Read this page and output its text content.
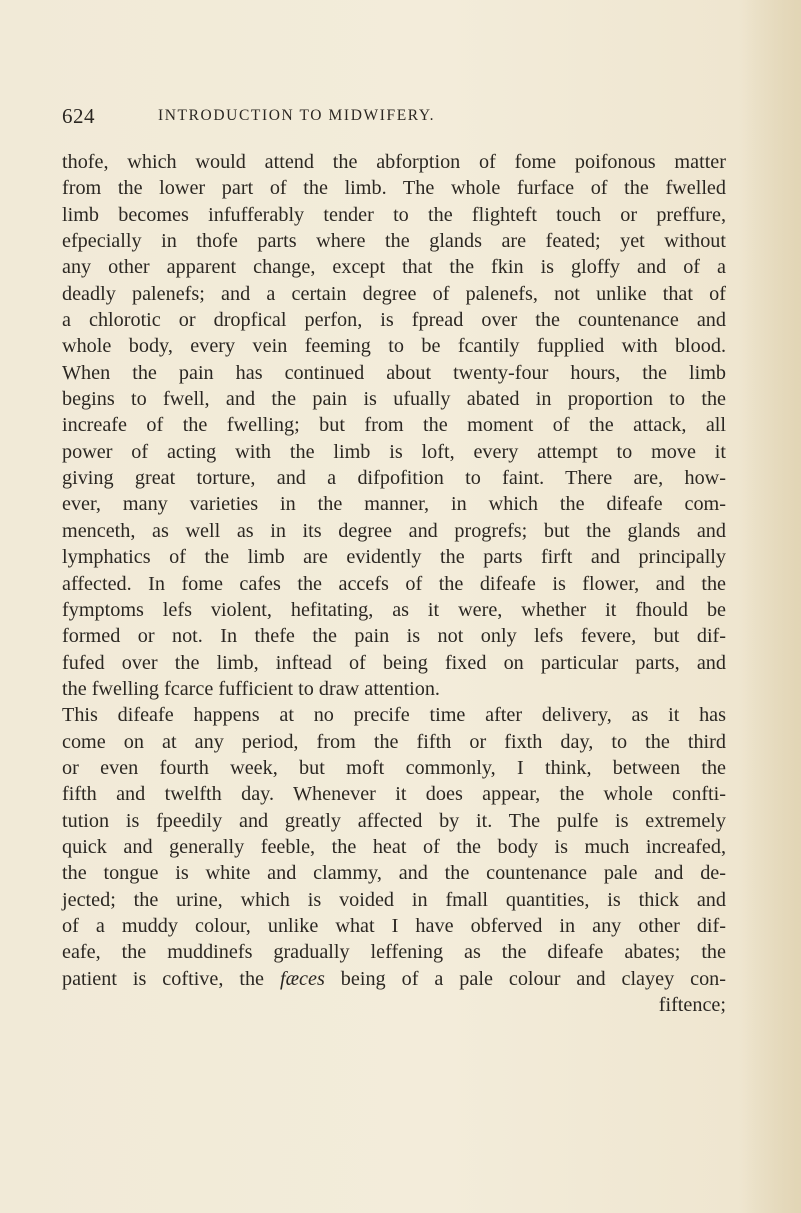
624	INTRODUCTION TO MIDWIFERY.
thofe, which would attend the abforption of fome poifonous matter
from the lower part of the limb. The whole furface of the fwelled
limb becomes infufferably tender to the flighteft touch or preffure,
efpecially in thofe parts where the glands are feated; yet without
any other apparent change, except that the fkin is gloffy and of a
deadly palenefs; and a certain degree of palenefs, not unlike that of
a chlorotic or dropfical perfon, is fpread over the countenance and
whole body, every vein feeming to be fcantily fupplied with blood.
When the pain has continued about twenty-four hours, the limb
begins to fwell, and the pain is ufually abated in proportion to the
increafe of the fwelling; but from the moment of the attack, all
power of acting with the limb is loft, every attempt to move it
giving great torture, and a difpofition to faint. There are, how-
ever, many varieties in the manner, in which the difeafe com-
menceth, as well as in its degree and progrefs; but the glands and
lymphatics of the limb are evidently the parts firft and principally
affected. In fome cafes the accefs of the difeafe is flower, and the
fymptoms lefs violent, hefitating, as it were, whether it fhould be
formed or not. In thefe the pain is not only lefs fevere, but dif-
fufed over the limb, inftead of being fixed on particular parts, and
the fwelling fcarce fufficient to draw attention.
This difeafe happens at no precife time after delivery, as it has
come on at any period, from the fifth or fixth day, to the third
or even fourth week, but moft commonly, I think, between the
fifth and twelfth day. Whenever it does appear, the whole confti-
tution is fpeedily and greatly affected by it. The pulfe is extremely
quick and generally feeble, the heat of the body is much increafed,
the tongue is white and clammy, and the countenance pale and de-
jected; the urine, which is voided in fmall quantities, is thick and
of a muddy colour, unlike what I have obferved in any other dif-
eafe, the muddinefs gradually leffening as the difeafe abates; the
patient is coftive, the fæces being of a pale colour and clayey con-
fiftence;
